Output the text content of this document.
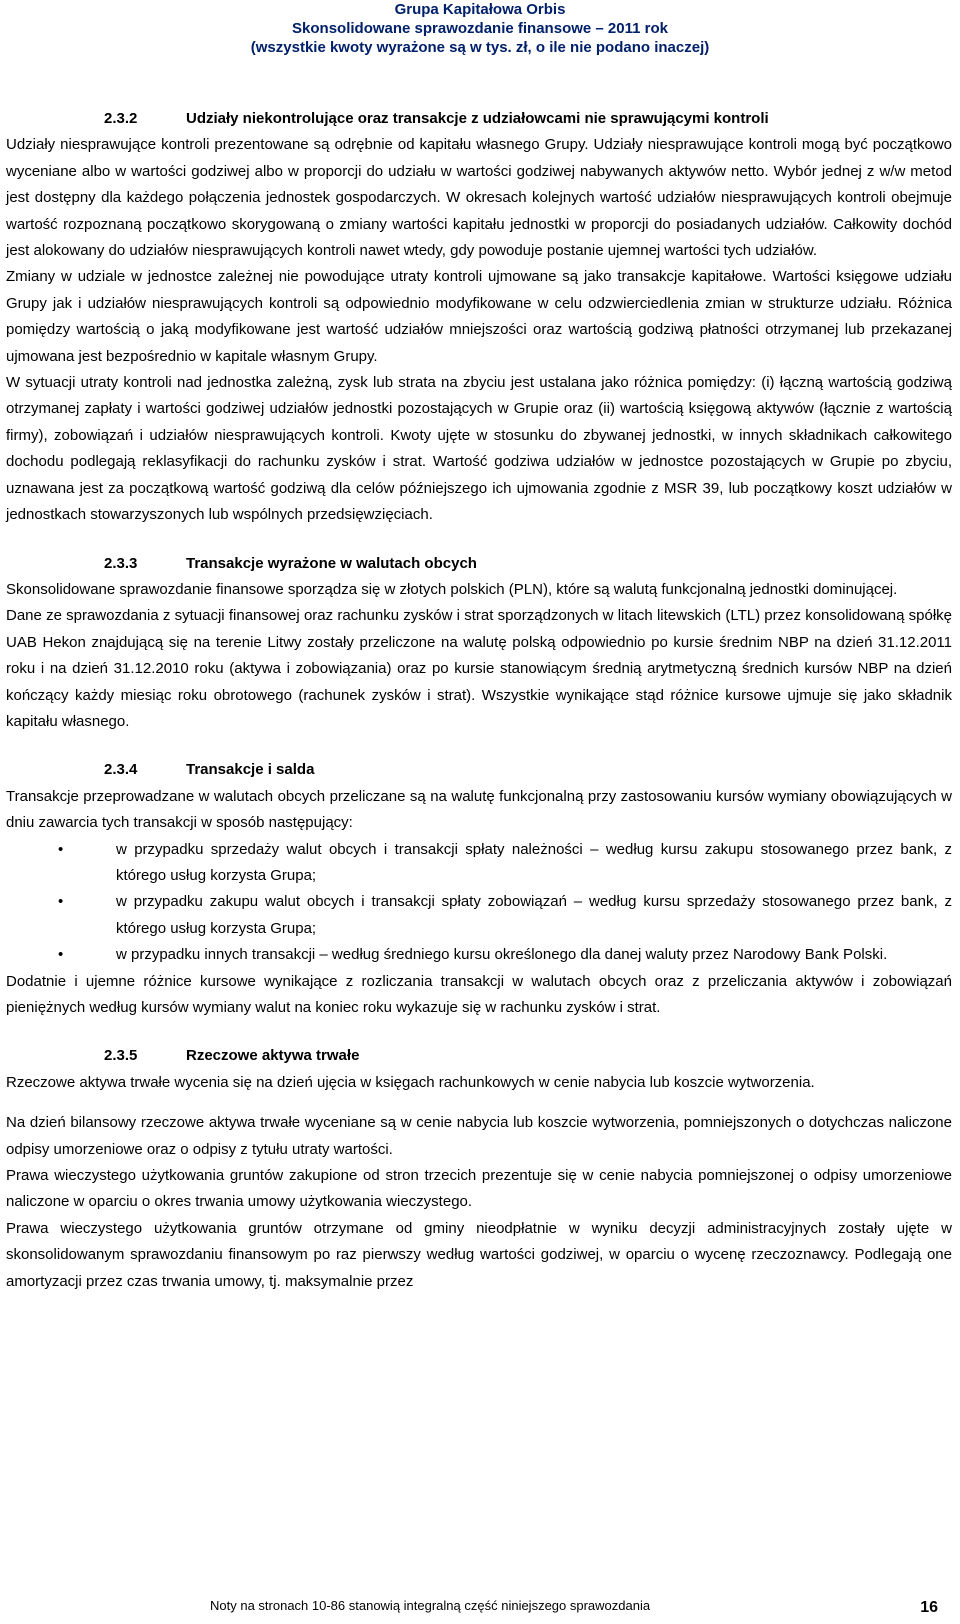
Grupa Kapitałowa Orbis
Skonsolidowane sprawozdanie finansowe – 2011 rok
(wszystkie kwoty wyrażone są w tys. zł, o ile nie podano inaczej)
2.3.2	Udziały niekontrolujące oraz transakcje z udziałowcami nie sprawującymi kontroli

Udziały niesprawujące kontroli prezentowane są odrębnie od kapitału własnego Grupy. Udziały niesprawujące kontroli mogą być początkowo wyceniane albo w wartości godziwej albo w proporcji do udziału w wartości godziwej nabywanych aktywów netto. Wybór jednej z w/w metod jest dostępny dla każdego połączenia jednostek gospodarczych. W okresach kolejnych wartość udziałów niesprawujących kontroli obejmuje wartość rozpoznaną początkowo skorygowaną o zmiany wartości kapitału jednostki w proporcji do posiadanych udziałów. Całkowity dochód jest alokowany do udziałów niesprawujących kontroli nawet wtedy, gdy powoduje postanie ujemnej wartości tych udziałów.

Zmiany w udziale w jednostce zależnej nie powodujące utraty kontroli ujmowane są jako transakcje kapitałowe. Wartości księgowe udziału Grupy jak i udziałów niesprawujących kontroli są odpowiednio modyfikowane w celu odzwierciedlenia zmian w strukturze udziału. Różnica pomiędzy wartością o jaką modyfikowane jest wartość udziałów mniejszości oraz wartością godziwą płatności otrzymanej lub przekazanej ujmowana jest bezpośrednio w kapitale własnym Grupy.

W sytuacji utraty kontroli nad jednostka zależną, zysk lub strata na zbyciu jest ustalana jako różnica pomiędzy: (i) łączną wartością godziwą otrzymanej zapłaty i wartości godziwej udziałów jednostki pozostających w Grupie oraz (ii) wartością księgową aktywów (łącznie z wartością firmy), zobowiązań i udziałów niesprawujących kontroli. Kwoty ujęte w stosunku do zbywanej jednostki, w innych składnikach całkowitego dochodu podlegają reklasyfikacji do rachunku zysków i strat. Wartość godziwa udziałów w jednostce pozostających w Grupie po zbyciu, uznawana jest za początkową wartość godziwą dla celów późniejszego ich ujmowania zgodnie z MSR 39, lub początkowy koszt udziałów w jednostkach stowarzyszonych lub wspólnych przedsięwzięciach.

2.3.3	Transakcje wyrażone w walutach obcych

Skonsolidowane sprawozdanie finansowe sporządza się w złotych polskich (PLN), które są walutą funkcjonalną jednostki dominującej.

Dane ze sprawozdania z sytuacji finansowej oraz rachunku zysków i strat sporządzonych w litach litewskich (LTL) przez konsolidowaną spółkę UAB Hekon znajdującą się na terenie Litwy zostały przeliczone na walutę polską odpowiednio po kursie średnim NBP na dzień 31.12.2011 roku i na dzień 31.12.2010 roku (aktywa i zobowiązania) oraz po kursie stanowiącym średnią arytmetyczną średnich kursów NBP na dzień kończący każdy miesiąc roku obrotowego (rachunek zysków i strat). Wszystkie wynikające stąd różnice kursowe ujmuje się jako składnik kapitału własnego.

2.3.4	Transakcje i salda

Transakcje przeprowadzane w walutach obcych przeliczane są na walutę funkcjonalną przy zastosowaniu kursów wymiany obowiązujących w dniu zawarcia tych transakcji w sposób następujący:

•	w przypadku sprzedaży walut obcych i transakcji spłaty należności – według kursu zakupu stosowanego przez bank, z którego usług korzysta Grupa;
•	w przypadku zakupu walut obcych i transakcji spłaty zobowiązań – według kursu sprzedaży stosowanego przez bank, z którego usług korzysta Grupa;
•	w przypadku innych transakcji – według średniego kursu określonego dla danej waluty przez Narodowy Bank Polski.

Dodatnie i ujemne różnice kursowe wynikające z rozliczania transakcji w walutach obcych oraz z przeliczania aktywów i zobowiązań pieniężnych według kursów wymiany walut na koniec roku wykazuje się w rachunku zysków i strat.

2.3.5	Rzeczowe aktywa trwałe

Rzeczowe aktywa trwałe wycenia się na dzień ujęcia w księgach rachunkowych w cenie nabycia lub koszcie wytworzenia.

Na dzień bilansowy rzeczowe aktywa trwałe wyceniane są w cenie nabycia lub koszcie wytworzenia, pomniejszonych o dotychczas naliczone odpisy umorzeniowe oraz o odpisy z tytułu utraty wartości.

Prawa wieczystego użytkowania gruntów zakupione od stron trzecich prezentuje się w cenie nabycia pomniejszonej o odpisy umorzeniowe naliczone w oparciu o okres trwania umowy użytkowania wieczystego.

Prawa wieczystego użytkowania gruntów otrzymane od gminy nieodpłatnie w wyniku decyzji administracyjnych zostały ujęte w skonsolidowanym sprawozdaniu finansowym po raz pierwszy według wartości godziwej, w oparciu o wycenę rzeczoznawcy. Podlegają one amortyzacji przez czas trwania umowy, tj. maksymalnie przez

Noty na stronach 10-86 stanowią integralną część niniejszego sprawozdania	16
